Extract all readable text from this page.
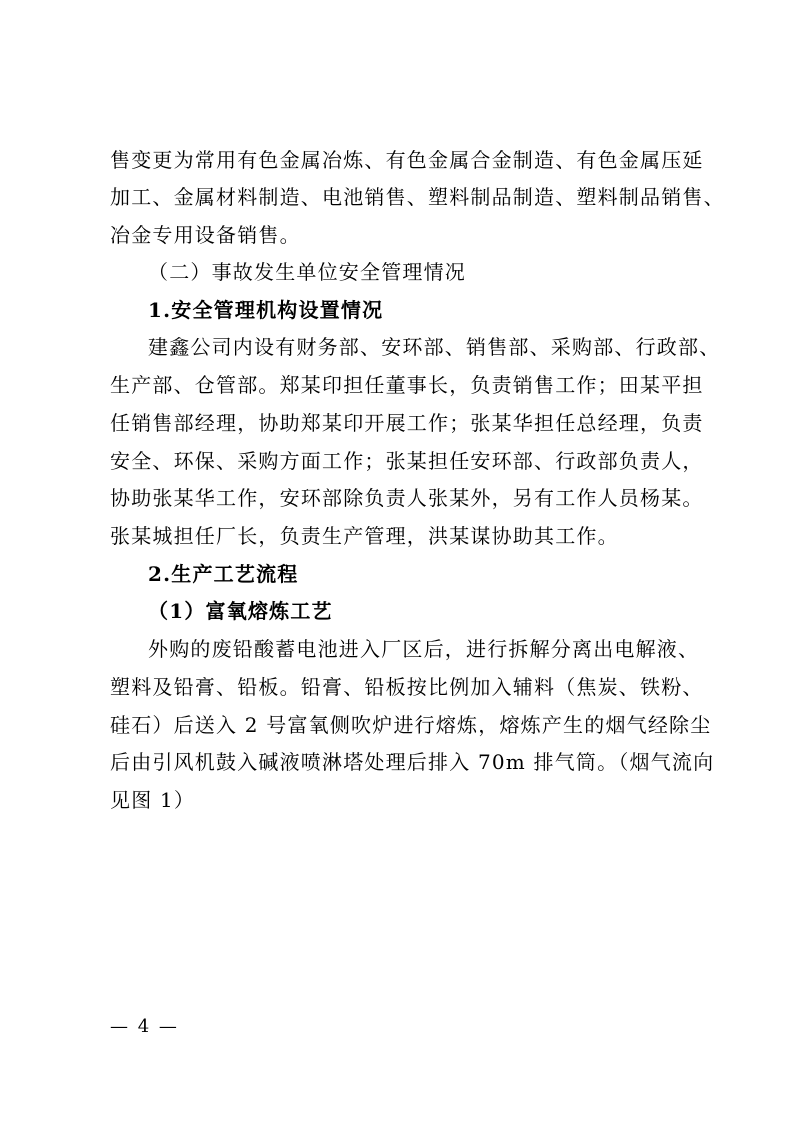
售变更为常用有色金属冶炼、有色金属合金制造、有色金属压延
加工、金属材料制造、电池销售、塑料制品制造、塑料制品销售、
冶金专用设备销售。
（二）事故发生单位安全管理情况
1.安全管理机构设置情况
建鑫公司内设有财务部、安环部、销售部、采购部、行政部、
生产部、仓管部。郑某印担任董事长，负责销售工作；田某平担
任销售部经理，协助郑某印开展工作；张某华担任总经理，负责
安全、环保、采购方面工作；张某担任安环部、行政部负责人，
协助张某华工作，安环部除负责人张某外，另有工作人员杨某。
张某城担任厂长，负责生产管理，洪某谋协助其工作。
2.生产工艺流程
（1）富氧熔炼工艺
外购的废铅酸蓄电池进入厂区后，进行拆解分离出电解液、
塑料及铅膏、铅板。铅膏、铅板按比例加入辅料（焦炭、铁粉、
硅石）后送入 2 号富氧侧吹炉进行熔炼，熔炼产生的烟气经除尘
后由引风机鼓入碱液喷淋塔处理后排入 70m 排气筒。（烟气流向
见图 1）
— 4 —
